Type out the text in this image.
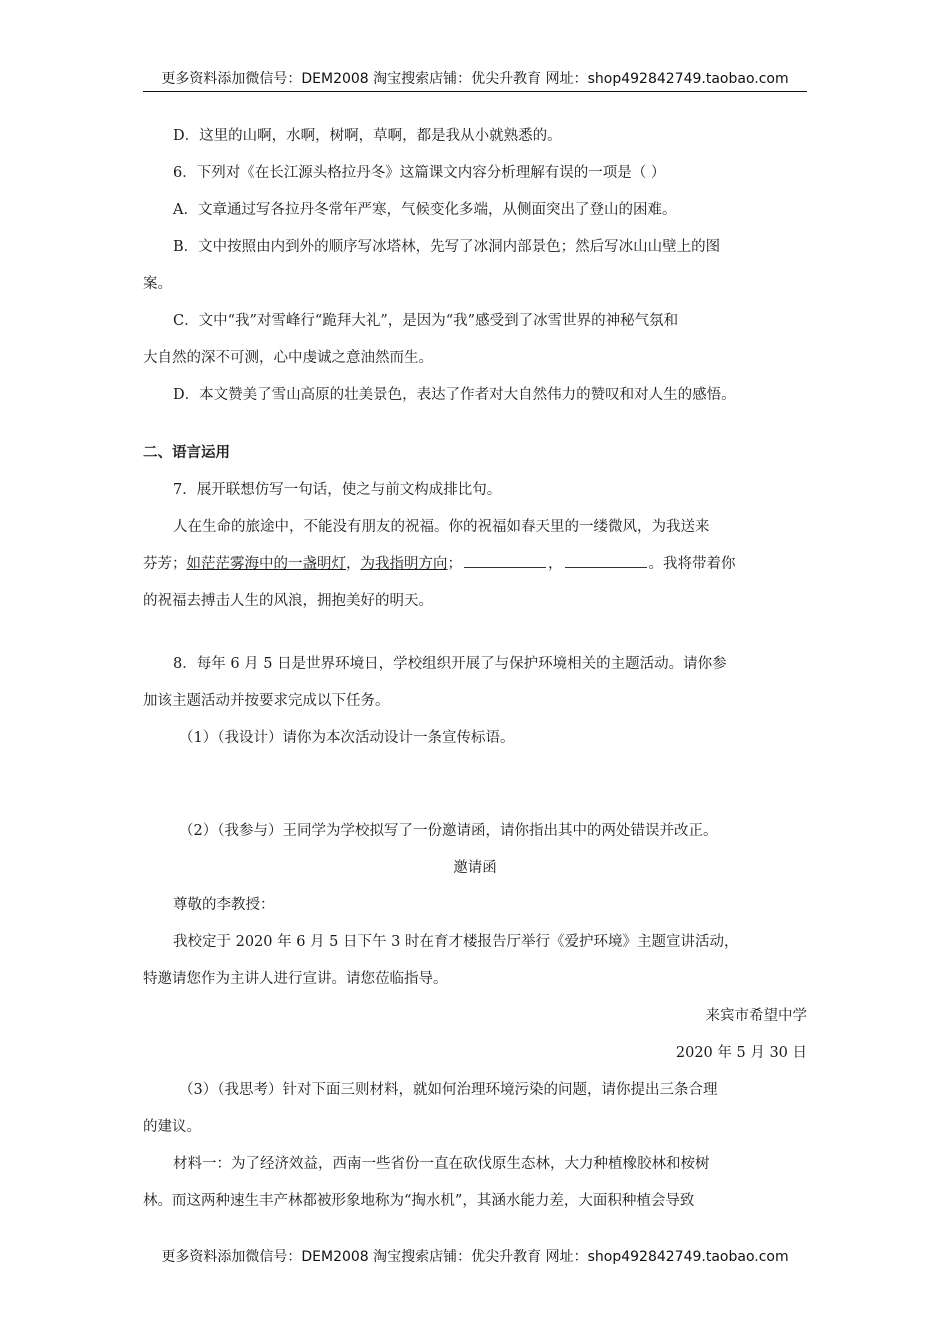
更多资料添加微信号：DEM2008 淘宝搜索店铺：优尖升教育 网址：shop492842749.taobao.com
D．这里的山啊，水啊，树啊，草啊，都是我从小就熟悉的。
6．下列对《在长江源头格拉丹冬》这篇课文内容分析理解有误的一项是（ ）
A．文章通过写各拉丹冬常年严寒，气候变化多端，从侧面突出了登山的困难。
B．文中按照由内到外的顺序写冰塔林，先写了冰洞内部景色；然后写冰山山壁上的图
案。
C．文中“我”对雪峰行“跪拜大礼”，是因为“我”感受到了冰雪世界的神秘气氛和
大自然的深不可测，心中虔诚之意油然而生。
D．本文赞美了雪山高原的壮美景色，表达了作者对大自然伟力的赞叹和对人生的感悟。
二、语言运用
7．展开联想仿写一句话，使之与前文构成排比句。
人在生命的旅途中，不能没有朋友的祝福。你的祝福如春天里的一缕微风，为我送来
芬芳；如茫茫雾海中的一盏明灯，为我指明方向；	，	。我将带着你
的祝福去搏击人生的风浪，拥抱美好的明天。
8．每年 6 月 5 日是世界环境日，学校组织开展了与保护环境相关的主题活动。请你参
加该主题活动并按要求完成以下任务。
（1）（我设计）请你为本次活动设计一条宣传标语。
（2）（我参与）王同学为学校拟写了一份邀请函，请你指出其中的两处错误并改正。
邀请函
尊敬的李教授：
我校定于 2020 年 6 月 5 日下午 3 时在育才楼报告厅举行《爱护环境》主题宣讲活动，
特邀请您作为主讲人进行宣讲。请您莅临指导。
来宾市希望中学
2020 年 5 月 30 日
（3）（我思考）针对下面三则材料，就如何治理环境污染的问题，请你提出三条合理
的建议。
材料一：为了经济效益，西南一些省份一直在砍伐原生态林，大力种植橡胶林和桉树
林。而这两种速生丰产林都被形象地称为“掏水机”，其涵水能力差，大面积种植会导致
更多资料添加微信号：DEM2008 淘宝搜索店铺：优尖升教育 网址：shop492842749.taobao.com
